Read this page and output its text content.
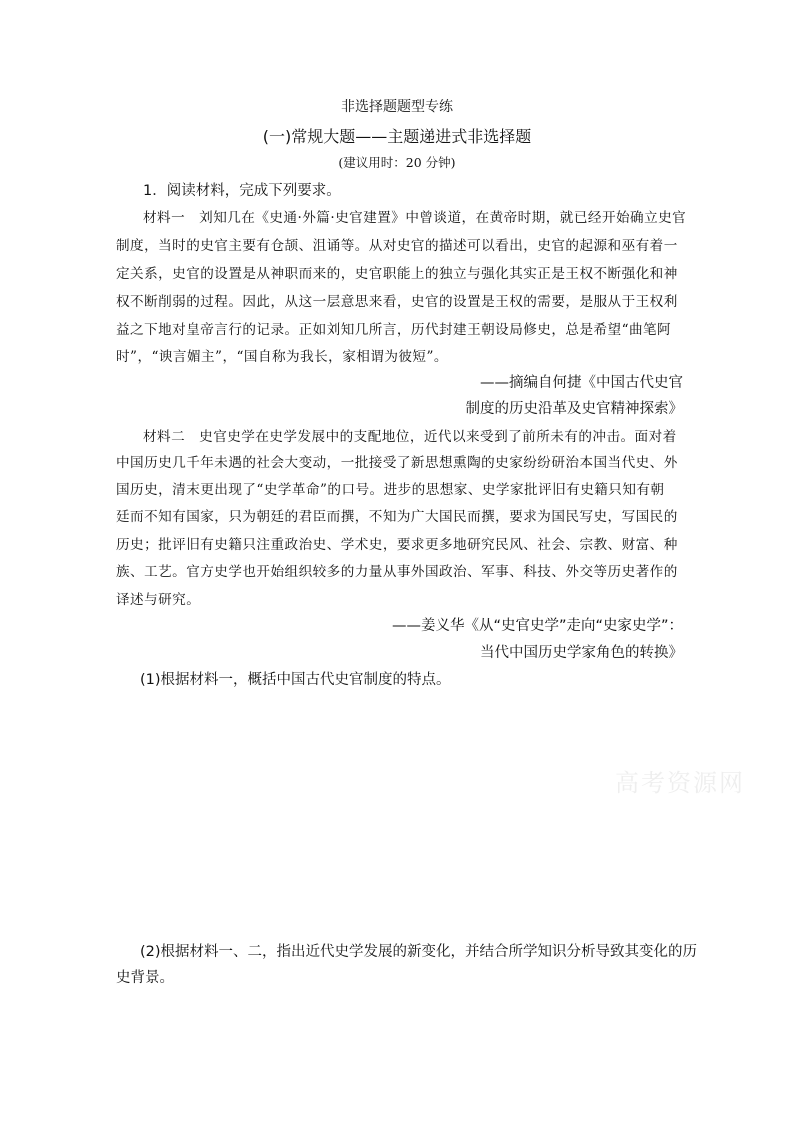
非选择题题型专练
(一)常规大题——主题递进式非选择题
(建议用时：20 分钟)
1．阅读材料，完成下列要求。
材料一　刘知几在《史通·外篇·史官建置》中曾谈道，在黄帝时期，就已经开始确立史官
制度，当时的史官主要有仓颉、沮诵等。从对史官的描述可以看出，史官的起源和巫有着一
定关系，史官的设置是从神职而来的，史官职能上的独立与强化其实正是王权不断强化和神
权不断削弱的过程。因此，从这一层意思来看，史官的设置是王权的需要，是服从于王权利
益之下地对皇帝言行的记录。正如刘知几所言，历代封建王朝设局修史，总是希望“曲笔阿
时”，“谀言媚主”，“国自称为我长，家相谓为彼短”。
——摘编自何捷《中国古代史官
制度的历史沿革及史官精神探索》
材料二　史官史学在史学发展中的支配地位，近代以来受到了前所未有的冲击。面对着
中国历史几千年未遇的社会大变动，一批接受了新思想熏陶的史家纷纷研治本国当代史、外
国历史，清末更出现了“史学革命”的口号。进步的思想家、史学家批评旧有史籍只知有朝
廷而不知有国家，只为朝廷的君臣而撰，不知为广大国民而撰，要求为国民写史，写国民的
历史；批评旧有史籍只注重政治史、学术史，要求更多地研究民风、社会、宗教、财富、种
族、工艺。官方史学也开始组织较多的力量从事外国政治、军事、科技、外交等历史著作的
译述与研究。
——姜义华《从“史官史学”走向“史家史学”：
当代中国历史学家角色的转换》
(1)根据材料一，概括中国古代史官制度的特点。
高考资源网
(2)根据材料一、二，指出近代史学发展的新变化，并结合所学知识分析导致其变化的历
史背景。
